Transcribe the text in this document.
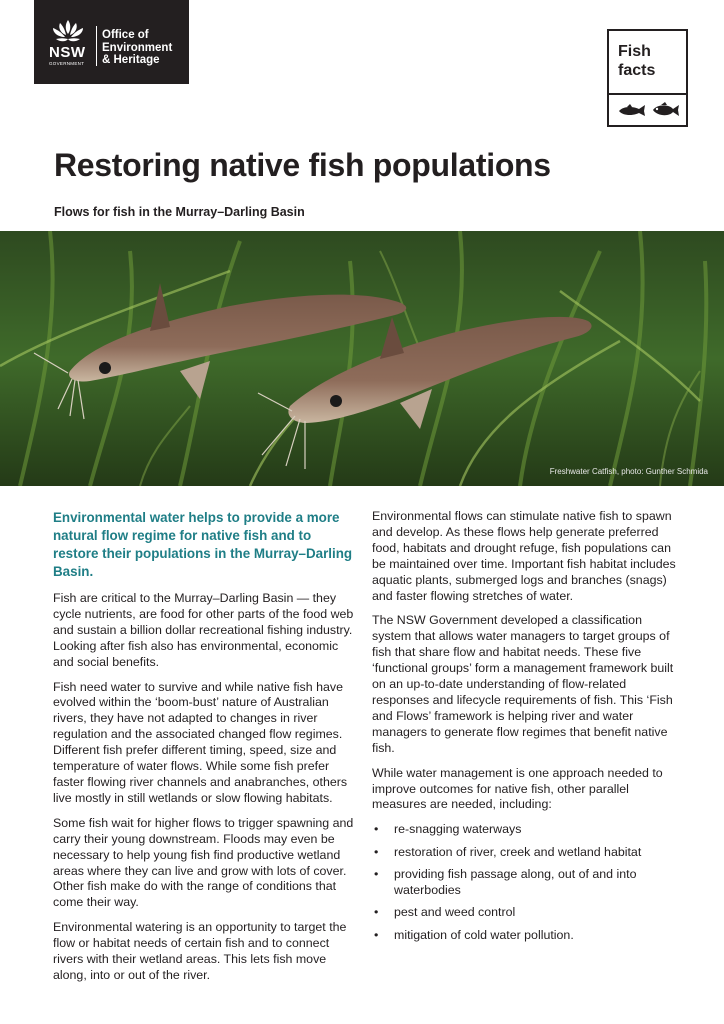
NSW
GOVERNMENT
Office of
Environment
& Heritage	Fish
facts
Restoring native fish populations
Flows for fish in the Murray–Darling Basin
Freshwater Catfish, photo: Gunther Schmida

Environmental water helps to provide a more natural flow regime for native fish and to restore their populations in the Murray–Darling Basin.

Fish are critical to the Murray–Darling Basin — they cycle nutrients, are food for other parts of the food web and sustain a billion dollar recreational fishing industry. Looking after fish also has environmental, economic and social benefits.

Fish need water to survive and while native fish have evolved within the ‘boom-bust’ nature of Australian rivers, they have not adapted to changes in river regulation and the associated changed flow regimes. Different fish prefer different timing, speed, size and temperature of water flows. While some fish prefer faster flowing river channels and anabranches, others live mostly in still wetlands or slow flowing habitats.

Some fish wait for higher flows to trigger spawning and carry their young downstream. Floods may even be necessary to help young fish find productive wetland areas where they can live and grow with lots of cover. Other fish make do with the range of conditions that come their way.

Environmental watering is an opportunity to target the flow or habitat needs of certain fish and to connect rivers with their wetland areas. This lets fish move along, into or out of the river.

Environmental flows can stimulate native fish to spawn and develop. As these flows help generate preferred food, habitats and drought refuge, fish populations can be maintained over time. Important fish habitat includes aquatic plants, submerged logs and branches (snags) and faster flowing stretches of water.

The NSW Government developed a classification system that allows water managers to target groups of fish that share flow and habitat needs. These five ‘functional groups’ form a management framework built on an up-to-date understanding of flow-related responses and lifecycle requirements of fish. This ‘Fish and Flows’ framework is helping river and water managers to generate flow regimes that benefit native fish.

While water management is one approach needed to improve outcomes for native fish, other parallel measures are needed, including:

• re-snagging waterways
• restoration of river, creek and wetland habitat
• providing fish passage along, out of and into waterbodies
• pest and weed control
• mitigation of cold water pollution.
